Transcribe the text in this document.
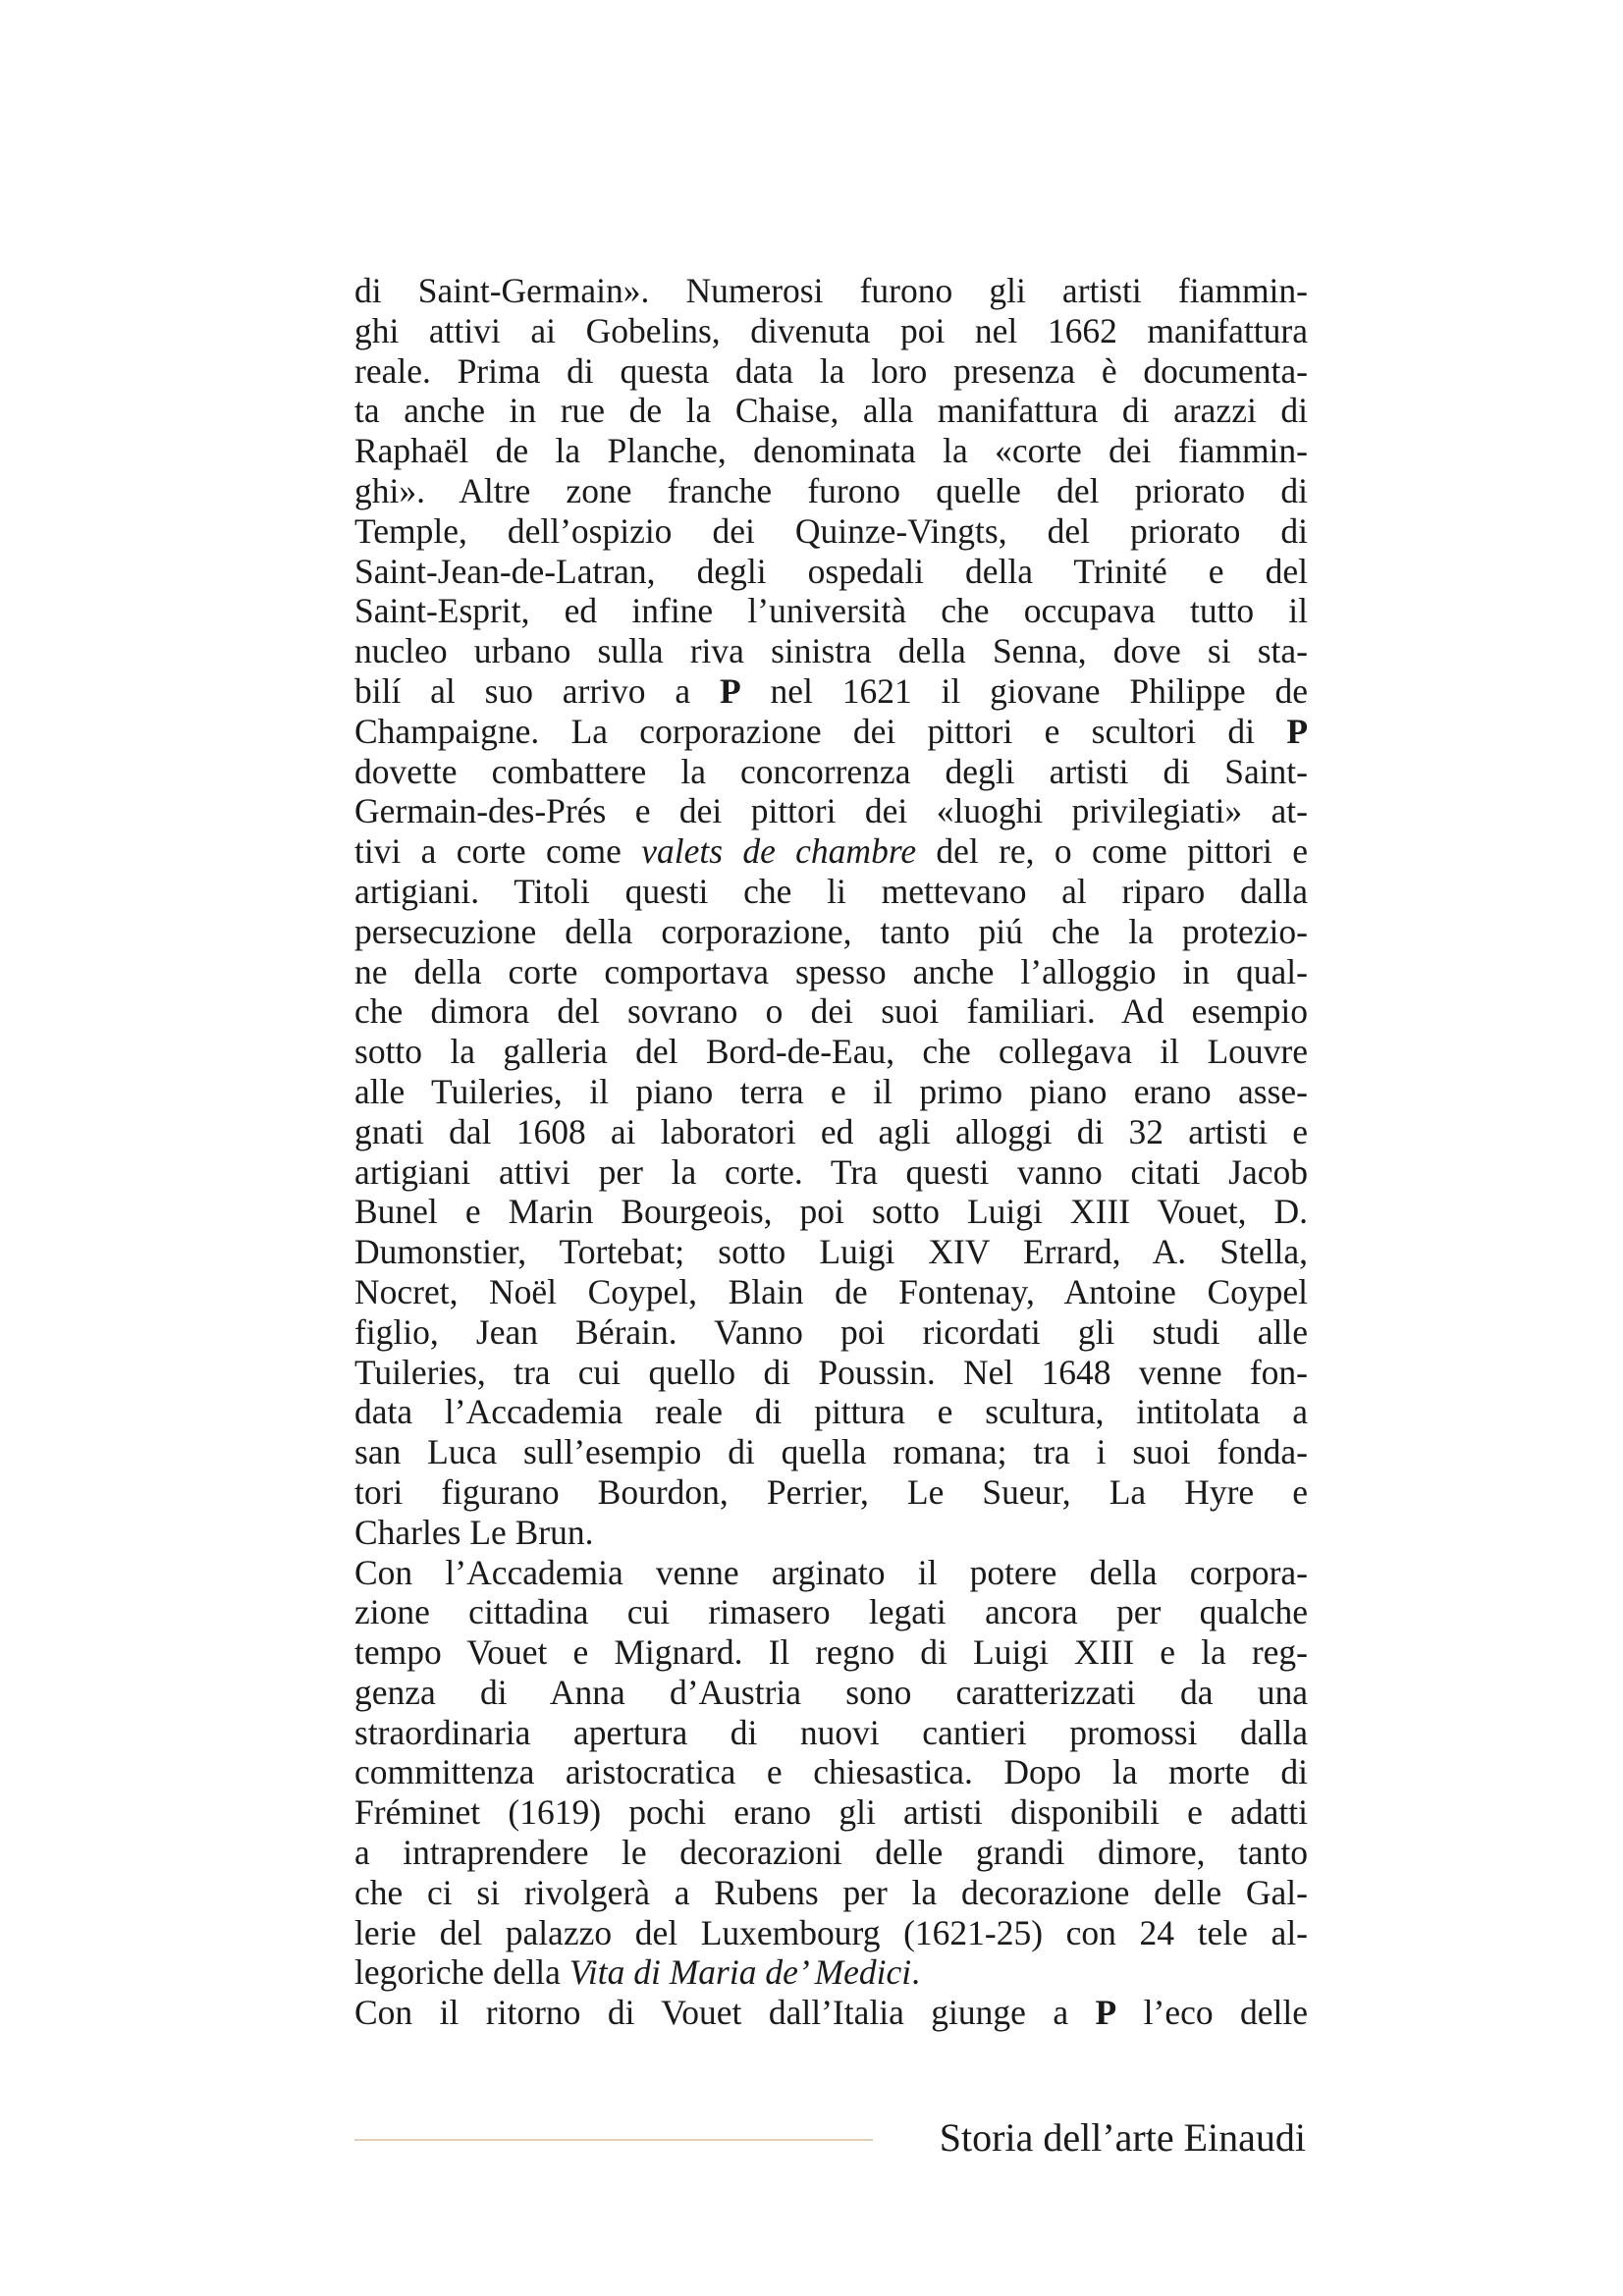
di Saint-Germain». Numerosi furono gli artisti fiammin-
ghi attivi ai Gobelins, divenuta poi nel 1662 manifattura
reale. Prima di questa data la loro presenza è documenta-
ta anche in rue de la Chaise, alla manifattura di arazzi di
Raphaël de la Planche, denominata la «corte dei fiammin-
ghi». Altre zone franche furono quelle del priorato di
Temple, dell’ospizio dei Quinze-Vingts, del priorato di
Saint-Jean-de-Latran, degli ospedali della Trinité e del
Saint-Esprit, ed infine l’università che occupava tutto il
nucleo urbano sulla riva sinistra della Senna, dove si sta-
bilí al suo arrivo a P nel 1621 il giovane Philippe de
Champaigne. La corporazione dei pittori e scultori di P
dovette combattere la concorrenza degli artisti di Saint-
Germain-des-Prés e dei pittori dei «luoghi privilegiati» at-
tivi a corte come valets de chambre del re, o come pittori e
artigiani. Titoli questi che li mettevano al riparo dalla
persecuzione della corporazione, tanto piú che la protezio-
ne della corte comportava spesso anche l’alloggio in qual-
che dimora del sovrano o dei suoi familiari. Ad esempio
sotto la galleria del Bord-de-Eau, che collegava il Louvre
alle Tuileries, il piano terra e il primo piano erano asse-
gnati dal 1608 ai laboratori ed agli alloggi di 32 artisti e
artigiani attivi per la corte. Tra questi vanno citati Jacob
Bunel e Marin Bourgeois, poi sotto Luigi XIII Vouet, D.
Dumonstier, Tortebat; sotto Luigi XIV Errard, A. Stella,
Nocret, Noël Coypel, Blain de Fontenay, Antoine Coypel
figlio, Jean Bérain. Vanno poi ricordati gli studi alle
Tuileries, tra cui quello di Poussin. Nel 1648 venne fon-
data l’Accademia reale di pittura e scultura, intitolata a
san Luca sull’esempio di quella romana; tra i suoi fonda-
tori figurano Bourdon, Perrier, Le Sueur, La Hyre e
Charles Le Brun.
Con l’Accademia venne arginato il potere della corpora-
zione cittadina cui rimasero legati ancora per qualche
tempo Vouet e Mignard. Il regno di Luigi XIII e la reg-
genza di Anna d’Austria sono caratterizzati da una
straordinaria apertura di nuovi cantieri promossi dalla
committenza aristocratica e chiesastica. Dopo la morte di
Fréminet (1619) pochi erano gli artisti disponibili e adatti
a intraprendere le decorazioni delle grandi dimore, tanto
che ci si rivolgerà a Rubens per la decorazione delle Gal-
lerie del palazzo del Luxembourg (1621-25) con 24 tele al-
legoriche della Vita di Maria de’ Medici.
Con il ritorno di Vouet dall’Italia giunge a P l’eco delle
Storia dell’arte Einaudi
